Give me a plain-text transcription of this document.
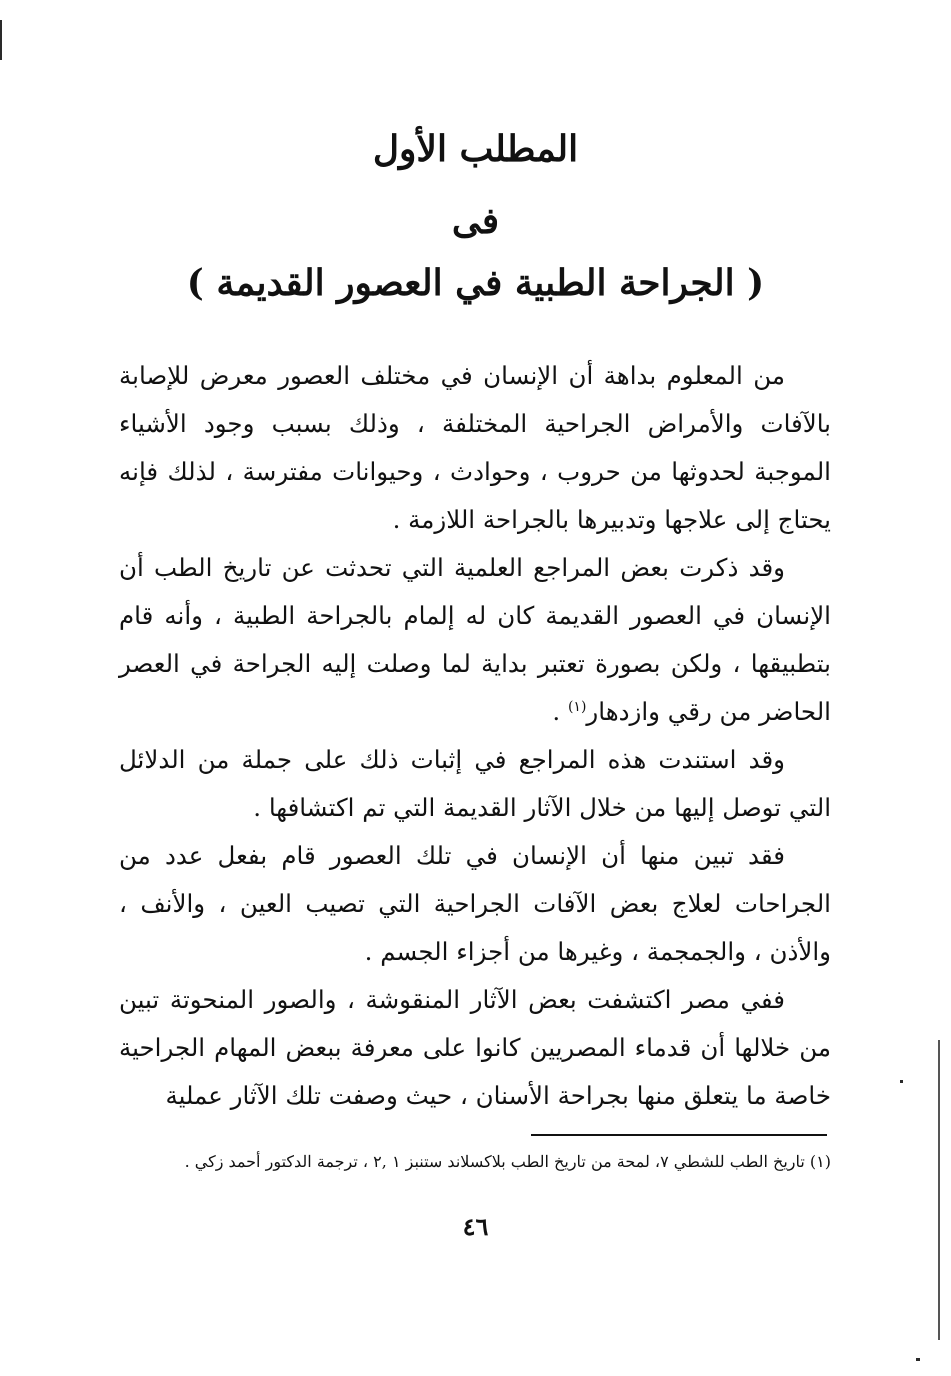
المطلب الأول
فى
( الجراحة الطبية في العصور القديمة )

من المعلوم بداهة أن الإنسان في مختلف العصور معرض للإصابة بالآفات والأمراض الجراحية المختلفة ، وذلك بسبب وجود الأشياء الموجبة لحدوثها من حروب ، وحوادث ، وحيوانات مفترسة ، لذلك فإنه يحتاج إلى علاجها وتدبيرها بالجراحة اللازمة .

وقد ذكرت بعض المراجع العلمية التي تحدثت عن تاريخ الطب أن الإنسان في العصور القديمة كان له إلمام بالجراحة الطبية ، وأنه قام بتطبيقها ، ولكن بصورة تعتبر بداية لما وصلت إليه الجراحة في العصر الحاضر من رقي وازدهار$^{(١)}$ .

وقد استندت هذه المراجع في إثبات ذلك على جملة من الدلائل التي توصل إليها من خلال الآثار القديمة التي تم اكتشافها .

فقد تبين منها أن الإنسان في تلك العصور قام بفعل عدد من الجراحات لعلاج بعض الآفات الجراحية التي تصيب العين ، والأنف ، والأذن ، والجمجمة ، وغيرها من أجزاء الجسم .

ففي مصر اكتشفت بعض الآثار المنقوشة ، والصور المنحوتة تبين من خلالها أن قدماء المصريين كانوا على معرفة ببعض المهام الجراحية خاصة ما يتعلق منها بجراحة الأسنان ، حيث وصفت تلك الآثار عملية

(١) تاريخ الطب للشطي ٧، لمحة من تاريخ الطب بلاكسلاند ستنبز ١ ,٢ ، ترجمة الدكتور أحمد زكي .
٤٦
